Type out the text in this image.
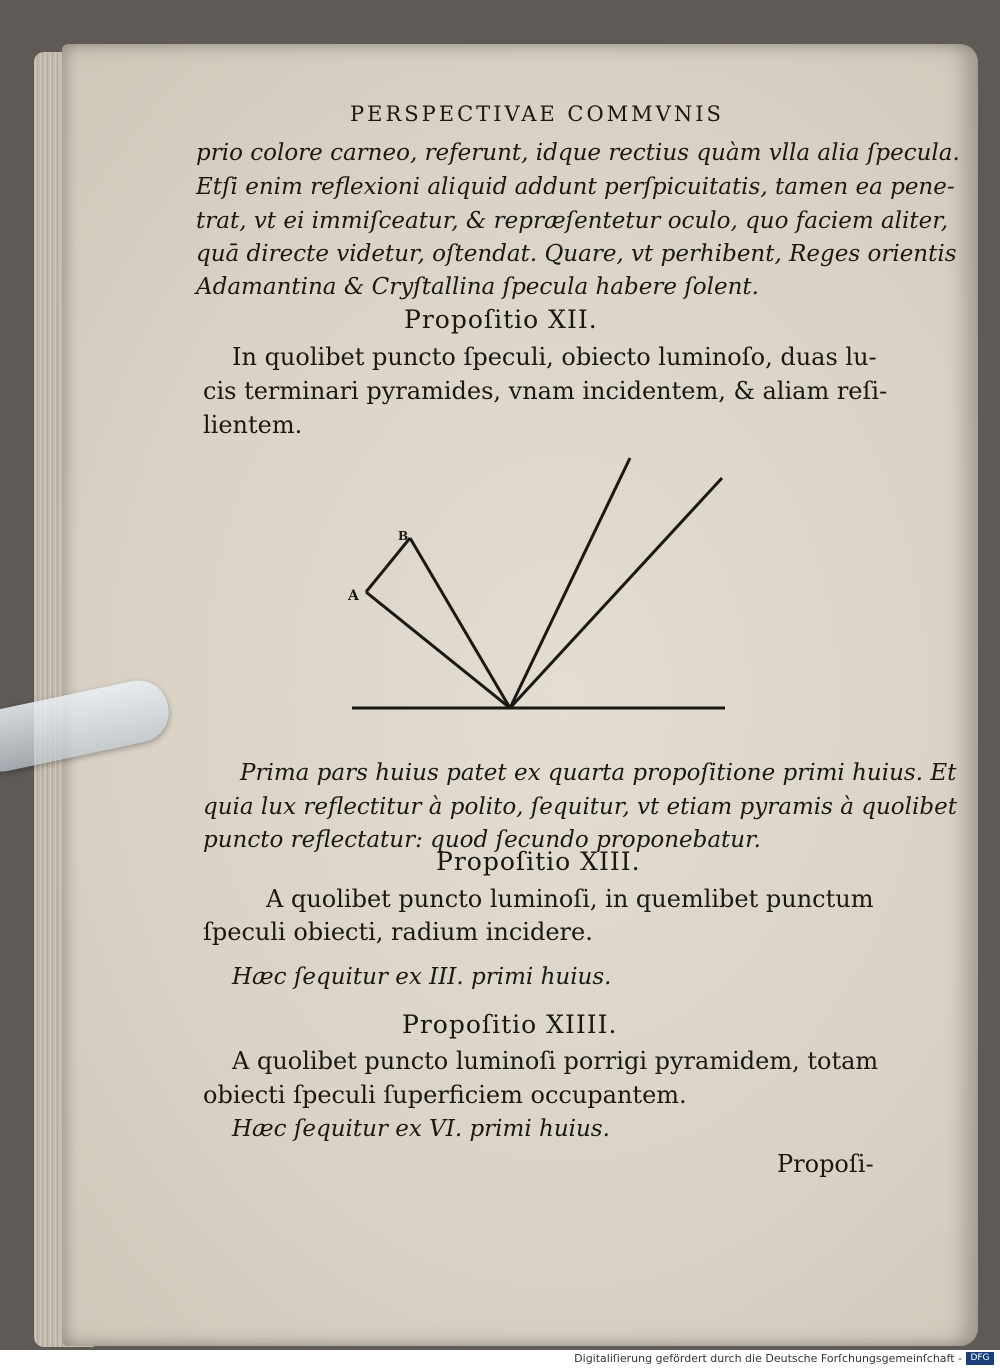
PERSPECTIVAE COMMVNIS
prio colore carneo, referunt, idque rectius quàm vlla alia ſpecula.
Etſi enim reflexioni aliquid addunt perſpicuitatis, tamen ea pene-
trat, vt ei immiſceatur, & repræſentetur oculo, quo faciem aliter,
quā directe videtur, oſtendat. Quare, vt perhibent, Reges orientis
Adamantina & Cryſtallina ſpecula habere ſolent.
Propoſitio XII.
In quolibet puncto ſpeculi, obiecto luminoſo, duas lu-
cis terminari pyramides, vnam incidentem, & aliam reſi-
lientem.
A
B
Prima pars huius patet ex quarta propoſitione primi huius. Et
quia lux reflectitur à polito, ſequitur, vt etiam pyramis à quolibet
puncto reflectatur: quod ſecundo proponebatur.
Propoſitio XIII.
A quolibet puncto luminoſi, in quemlibet punctum
ſpeculi obiecti, radium incidere.
Hæc ſequitur ex III. primi huius.
Propoſitio XIIII.
A quolibet puncto luminoſi porrigi pyramidem, totam
obiecti ſpeculi ſuperficiem occupantem.
Hæc ſequitur ex VI. primi huius.
Propoſi-
Digitaliſierung gefördert durch die Deutsche Forſchungsgemeinſchaft - DFG
